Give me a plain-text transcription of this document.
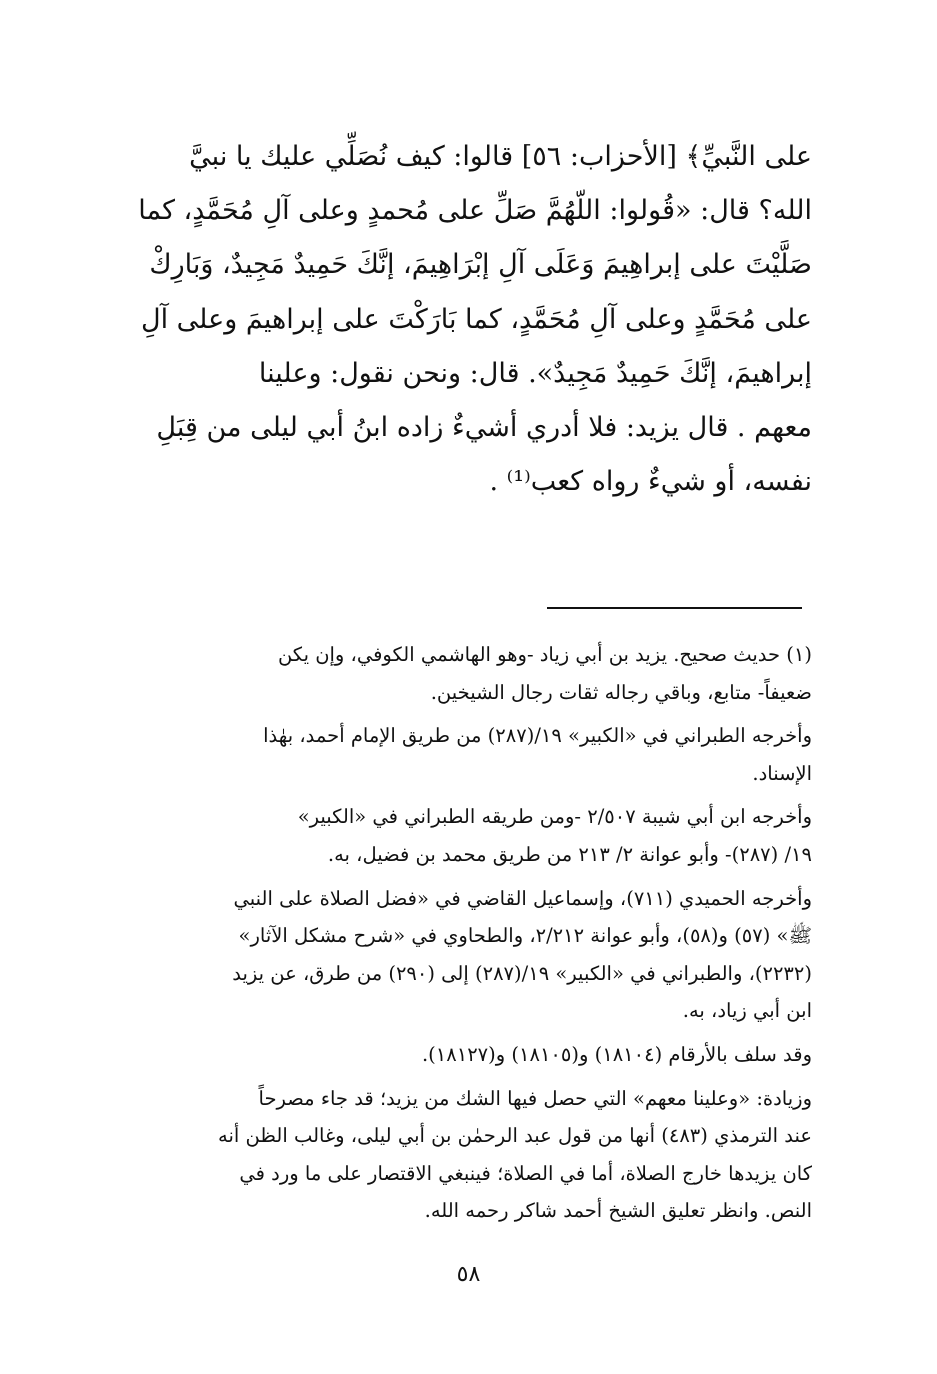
على النَّبيِّ﴾ [الأحزاب: ٥٦] قالوا: كيف نُصَلِّي عليك يا نبيَّ
الله؟ قال: «قُولوا: اللّهُمَّ صَلِّ على مُحمدٍ وعلى آلِ مُحَمَّدٍ، كما
صَلَّيْتَ على إبراهِيمَ وَعَلَى آلِ إبْرَاهِيمَ، إنَّكَ حَمِيدٌ مَجِيدٌ، وَبَارِكْ
على مُحَمَّدٍ وعلى آلِ مُحَمَّدٍ، كما بَارَكْتَ على إبراهيمَ وعلى آلِ
إبراهيمَ، إنَّكَ حَمِيدٌ مَجِيدٌ». قال: ونحن نقول: وعلينا
معهم . قال يزيد: فلا أدري أشيءٌ زاده ابنُ أبي ليلى من قِبَلِ
نفسه، أو شيءٌ رواه كعب⁽¹⁾ .
(١) حديث صحيح. يزيد بن أبي زياد -وهو الهاشمي الكوفي، وإن يكن
ضعيفاً- متابع، وباقي رجاله ثقات رجال الشيخين.
وأخرجه الطبراني في «الكبير» ١٩/(٢٨٧) من طريق الإمام أحمد، بهٰذا
الإسناد.
وأخرجه ابن أبي شيبة ٢/٥٠٧ -ومن طريقه الطبراني في «الكبير»
١٩/ (٢٨٧)- وأبو عوانة ٢/ ٢١٣ من طريق محمد بن فضيل، به.
وأخرجه الحميدي (٧١١)، وإسماعيل القاضي في «فضل الصلاة على النبي
ﷺ» (٥٧) و(٥٨)، وأبو عوانة ٢/٢١٢، والطحاوي في «شرح مشكل الآثار»
(٢٢٣٢)، والطبراني في «الكبير» ١٩/(٢٨٧) إلى (٢٩٠) من طرق، عن يزيد
ابن أبي زياد، به.
وقد سلف بالأرقام (١٨١٠٤) و(١٨١٠٥) و(١٨١٢٧).
وزيادة: «وعلينا معهم» التي حصل فيها الشك من يزيد؛ قد جاء مصرحاً
عند الترمذي (٤٨٣) أنها من قول عبد الرحمٰن بن أبي ليلى، وغالب الظن أنه
كان يزيدها خارج الصلاة، أما في الصلاة؛ فينبغي الاقتصار على ما ورد في
النص. وانظر تعليق الشيخ أحمد شاكر رحمه الله.
٥٨
